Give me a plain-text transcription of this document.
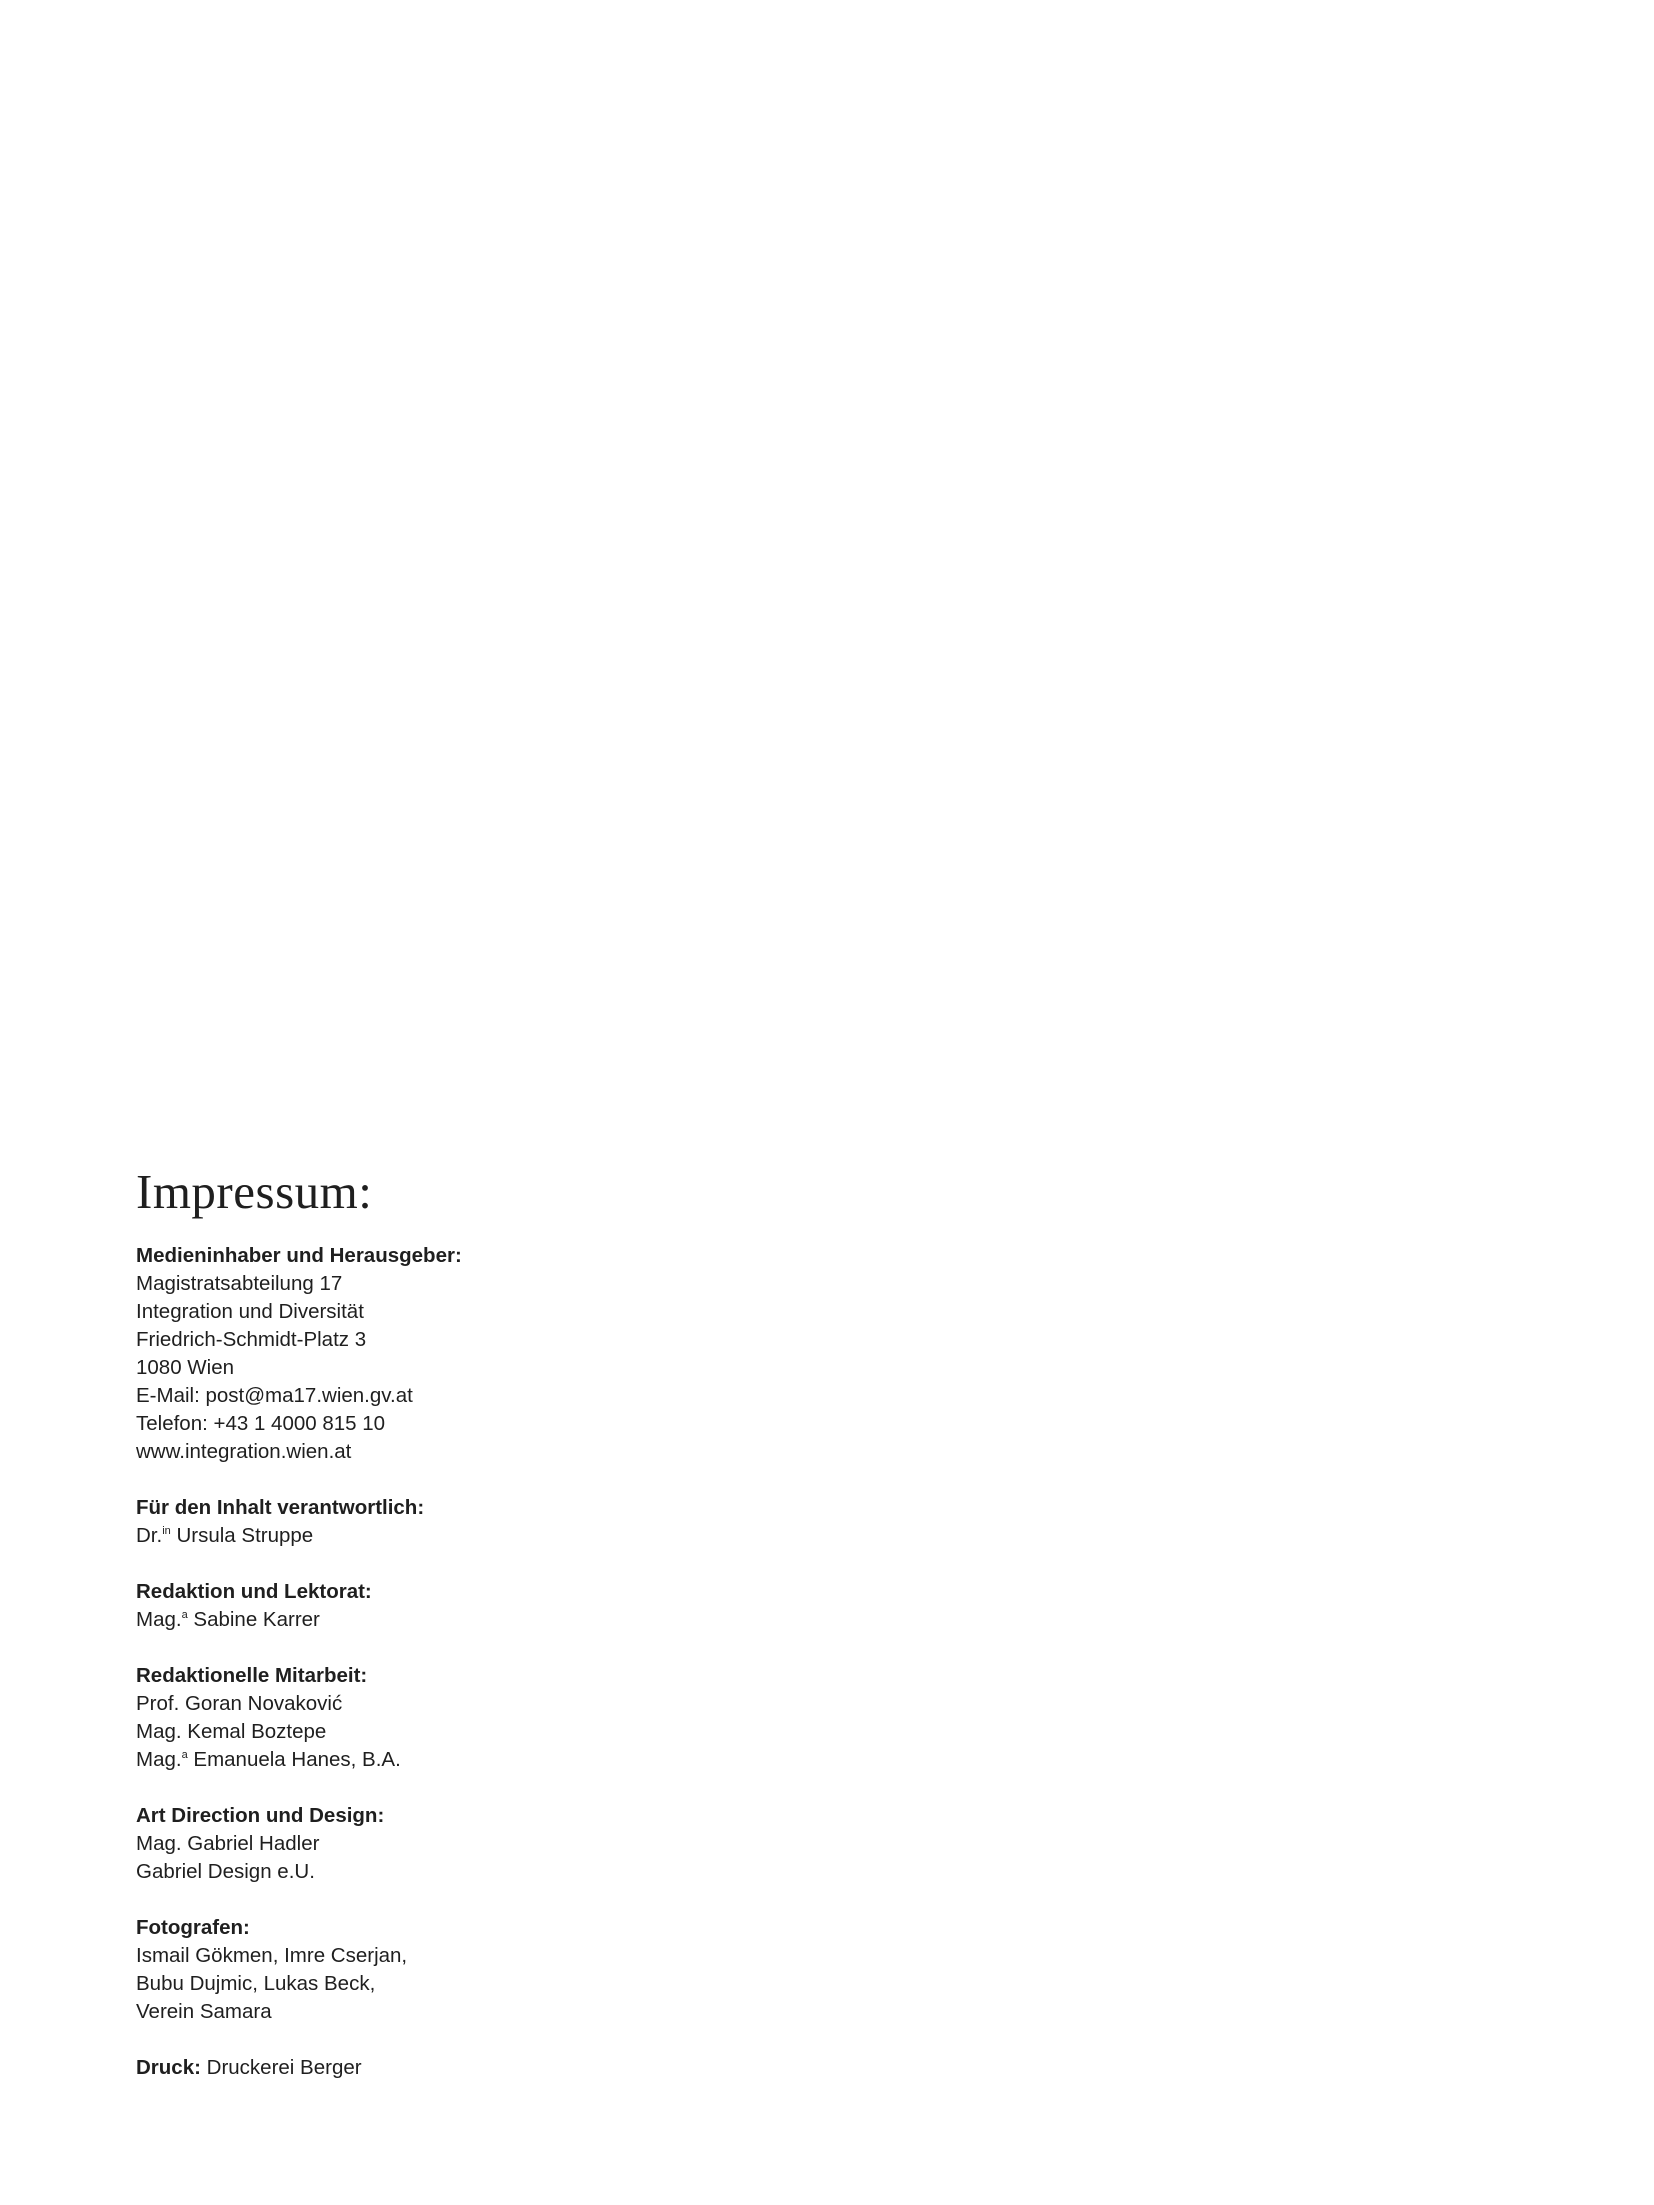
Impressum:
Medieninhaber und Herausgeber:
Magistratsabteilung 17
Integration und Diversität
Friedrich-Schmidt-Platz 3
1080 Wien
E-Mail: post@ma17.wien.gv.at
Telefon: +43 1 4000 815 10
www.integration.wien.at
Für den Inhalt verantwortlich:
Dr.$^{in}$ Ursula Struppe
Redaktion und Lektorat:
Mag.$^a$ Sabine Karrer
Redaktionelle Mitarbeit:
Prof. Goran Novaković
Mag. Kemal Boztepe
Mag.$^a$ Emanuela Hanes, B.A.
Art Direction und Design:
Mag. Gabriel Hadler
Gabriel Design e.U.
Fotografen:
Ismail Gökmen, Imre Cserjan,
Bubu Dujmic, Lukas Beck,
Verein Samara
Druck: Druckerei Berger
